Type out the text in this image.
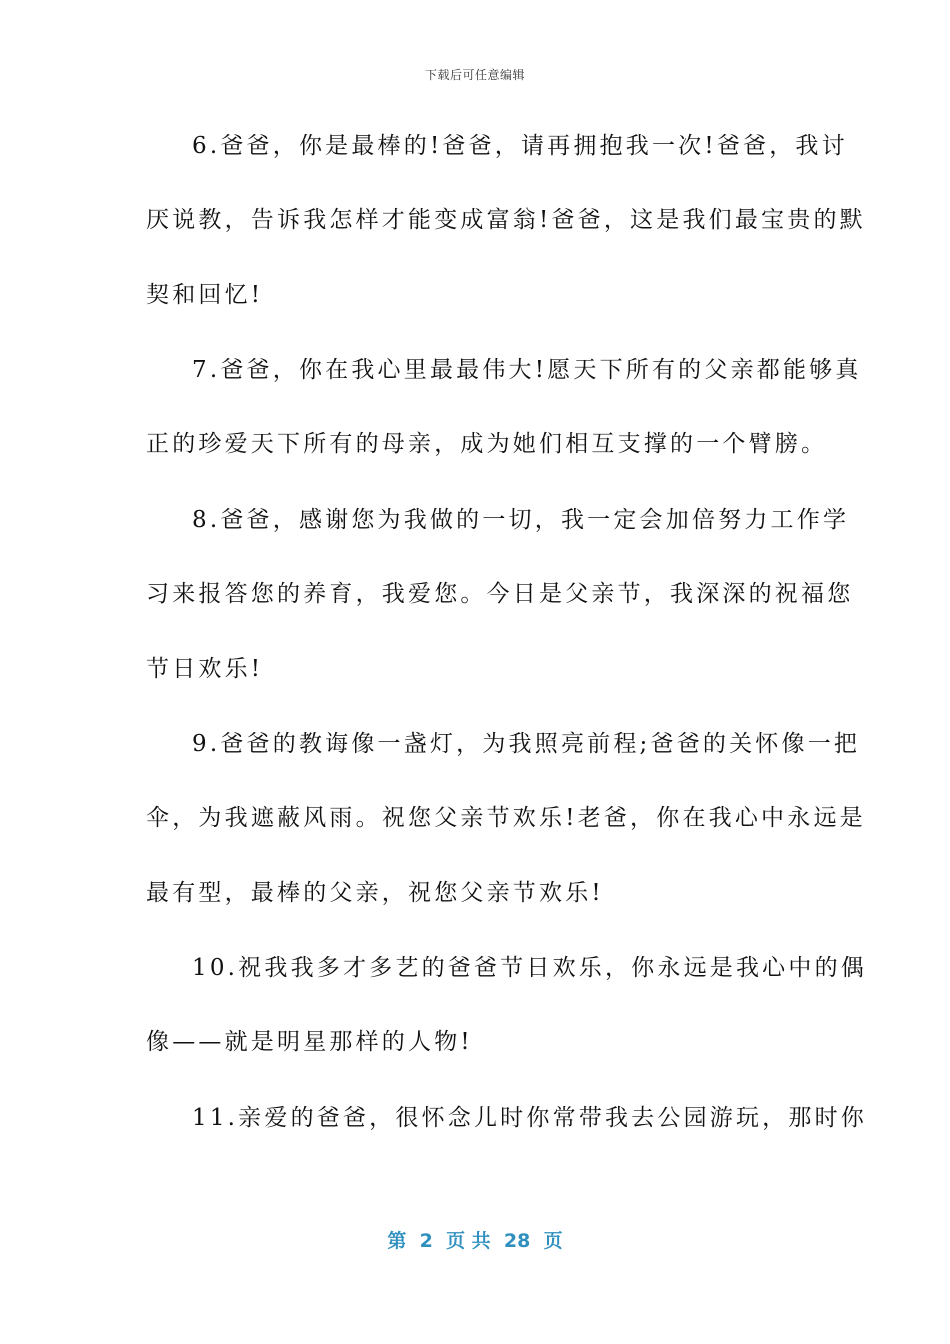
下载后可任意编辑
6.爸爸，你是最棒的!爸爸，请再拥抱我一次!爸爸，我讨
厌说教，告诉我怎样才能变成富翁!爸爸，这是我们最宝贵的默
契和回忆!
7.爸爸，你在我心里最最伟大!愿天下所有的父亲都能够真
正的珍爱天下所有的母亲，成为她们相互支撑的一个臂膀。
8.爸爸，感谢您为我做的一切，我一定会加倍努力工作学
习来报答您的养育，我爱您。今日是父亲节，我深深的祝福您
节日欢乐!
9.爸爸的教诲像一盏灯，为我照亮前程;爸爸的关怀像一把
伞，为我遮蔽风雨。祝您父亲节欢乐!老爸，你在我心中永远是
最有型，最棒的父亲，祝您父亲节欢乐!
10.祝我我多才多艺的爸爸节日欢乐，你永远是我心中的偶
像——就是明星那样的人物!
11.亲爱的爸爸，很怀念儿时你常带我去公园游玩，那时你
第  2  页 共  28  页
